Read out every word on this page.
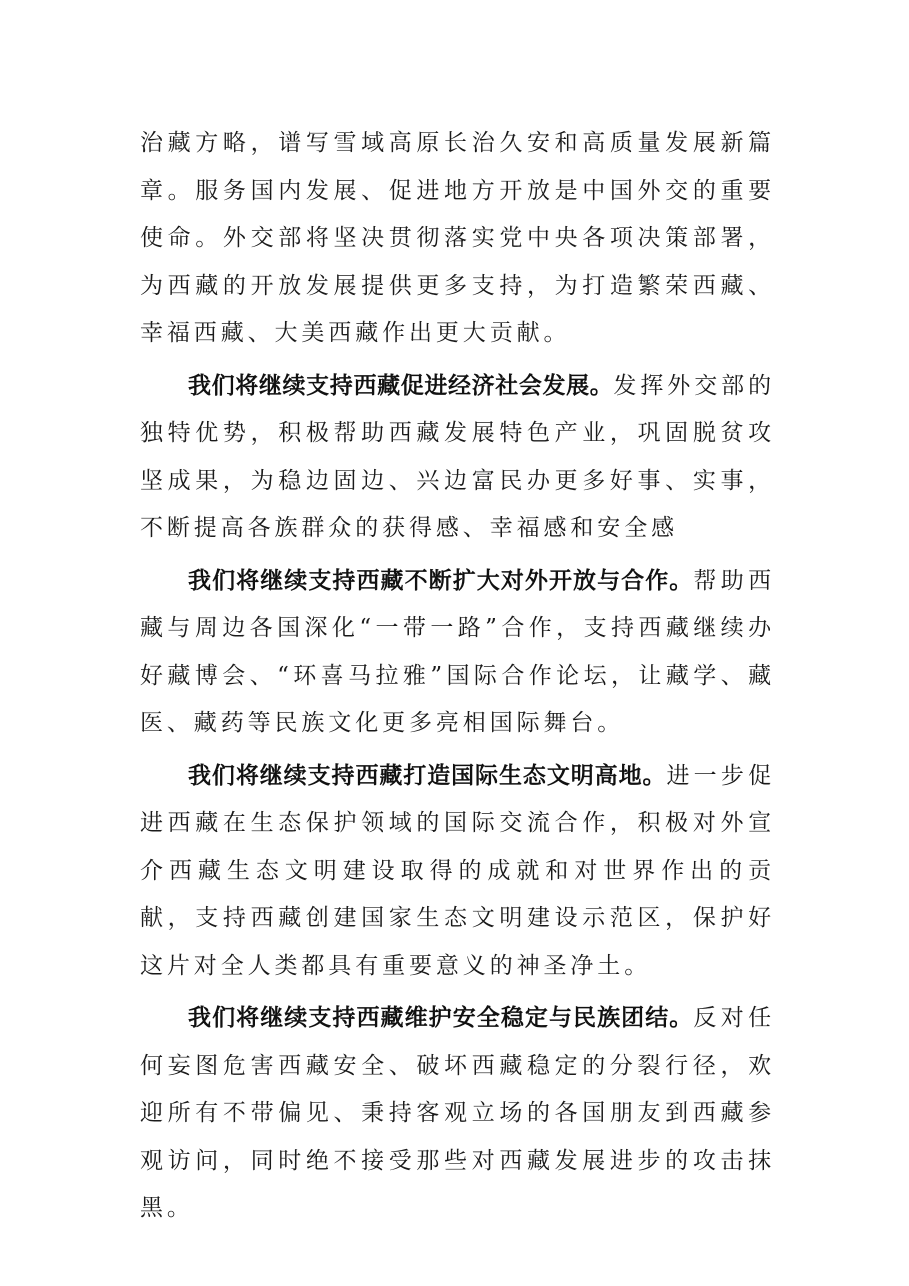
治藏方略，谱写雪域高原长治久安和高质量发展新篇章。服务国内发展、促进地方开放是中国外交的重要使命。外交部将坚决贯彻落实党中央各项决策部署，为西藏的开放发展提供更多支持，为打造繁荣西藏、幸福西藏、大美西藏作出更大贡献。

我们将继续支持西藏促进经济社会发展。发挥外交部的独特优势，积极帮助西藏发展特色产业，巩固脱贫攻坚成果，为稳边固边、兴边富民办更多好事、实事，不断提高各族群众的获得感、幸福感和安全感

我们将继续支持西藏不断扩大对外开放与合作。帮助西藏与周边各国深化“一带一路”合作，支持西藏继续办好藏博会、“环喜马拉雅”国际合作论坛，让藏学、藏医、藏药等民族文化更多亮相国际舞台。

我们将继续支持西藏打造国际生态文明高地。进一步促进西藏在生态保护领域的国际交流合作，积极对外宣介西藏生态文明建设取得的成就和对世界作出的贡献，支持西藏创建国家生态文明建设示范区，保护好这片对全人类都具有重要意义的神圣净土。

我们将继续支持西藏维护安全稳定与民族团结。反对任何妄图危害西藏安全、破坏西藏稳定的分裂行径，欢迎所有不带偏见、秉持客观立场的各国朋友到西藏参观访问，同时绝不接受那些对西藏发展进步的攻击抹黑。
